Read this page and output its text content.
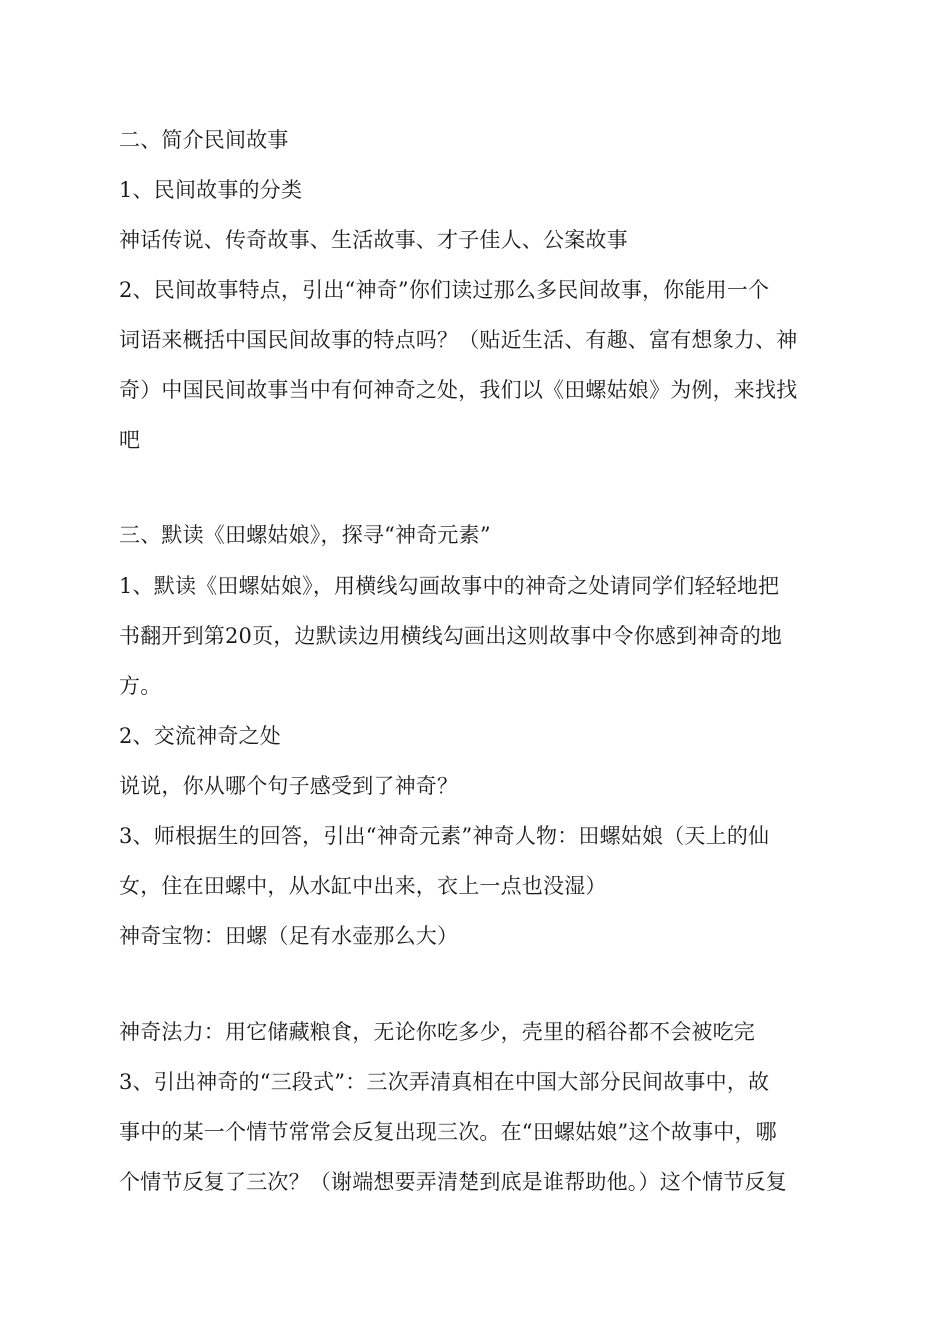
二、简介民间故事
1、民间故事的分类
神话传说、传奇故事、生活故事、才子佳人、公案故事
2、民间故事特点，引出“神奇”你们读过那么多民间故事，你能用一个
词语来概括中国民间故事的特点吗？（贴近生活、有趣、富有想象力、神
奇）中国民间故事当中有何神奇之处，我们以《田螺姑娘》为例，来找找
吧
三、默读《田螺姑娘》，探寻“神奇元素”
1、默读《田螺姑娘》，用横线勾画故事中的神奇之处请同学们轻轻地把
书翻开到第20页，边默读边用横线勾画出这则故事中令你感到神奇的地
方。
2、交流神奇之处
说说，你从哪个句子感受到了神奇？
3、师根据生的回答，引出“神奇元素”神奇人物：田螺姑娘（天上的仙
女，住在田螺中，从水缸中出来，衣上一点也没湿）
神奇宝物：田螺（足有水壶那么大）
神奇法力：用它储藏粮食，无论你吃多少，壳里的稻谷都不会被吃完
3、引出神奇的“三段式”：三次弄清真相在中国大部分民间故事中，故
事中的某一个情节常常会反复出现三次。在“田螺姑娘”这个故事中，哪
个情节反复了三次？（谢端想要弄清楚到底是谁帮助他。）这个情节反复
